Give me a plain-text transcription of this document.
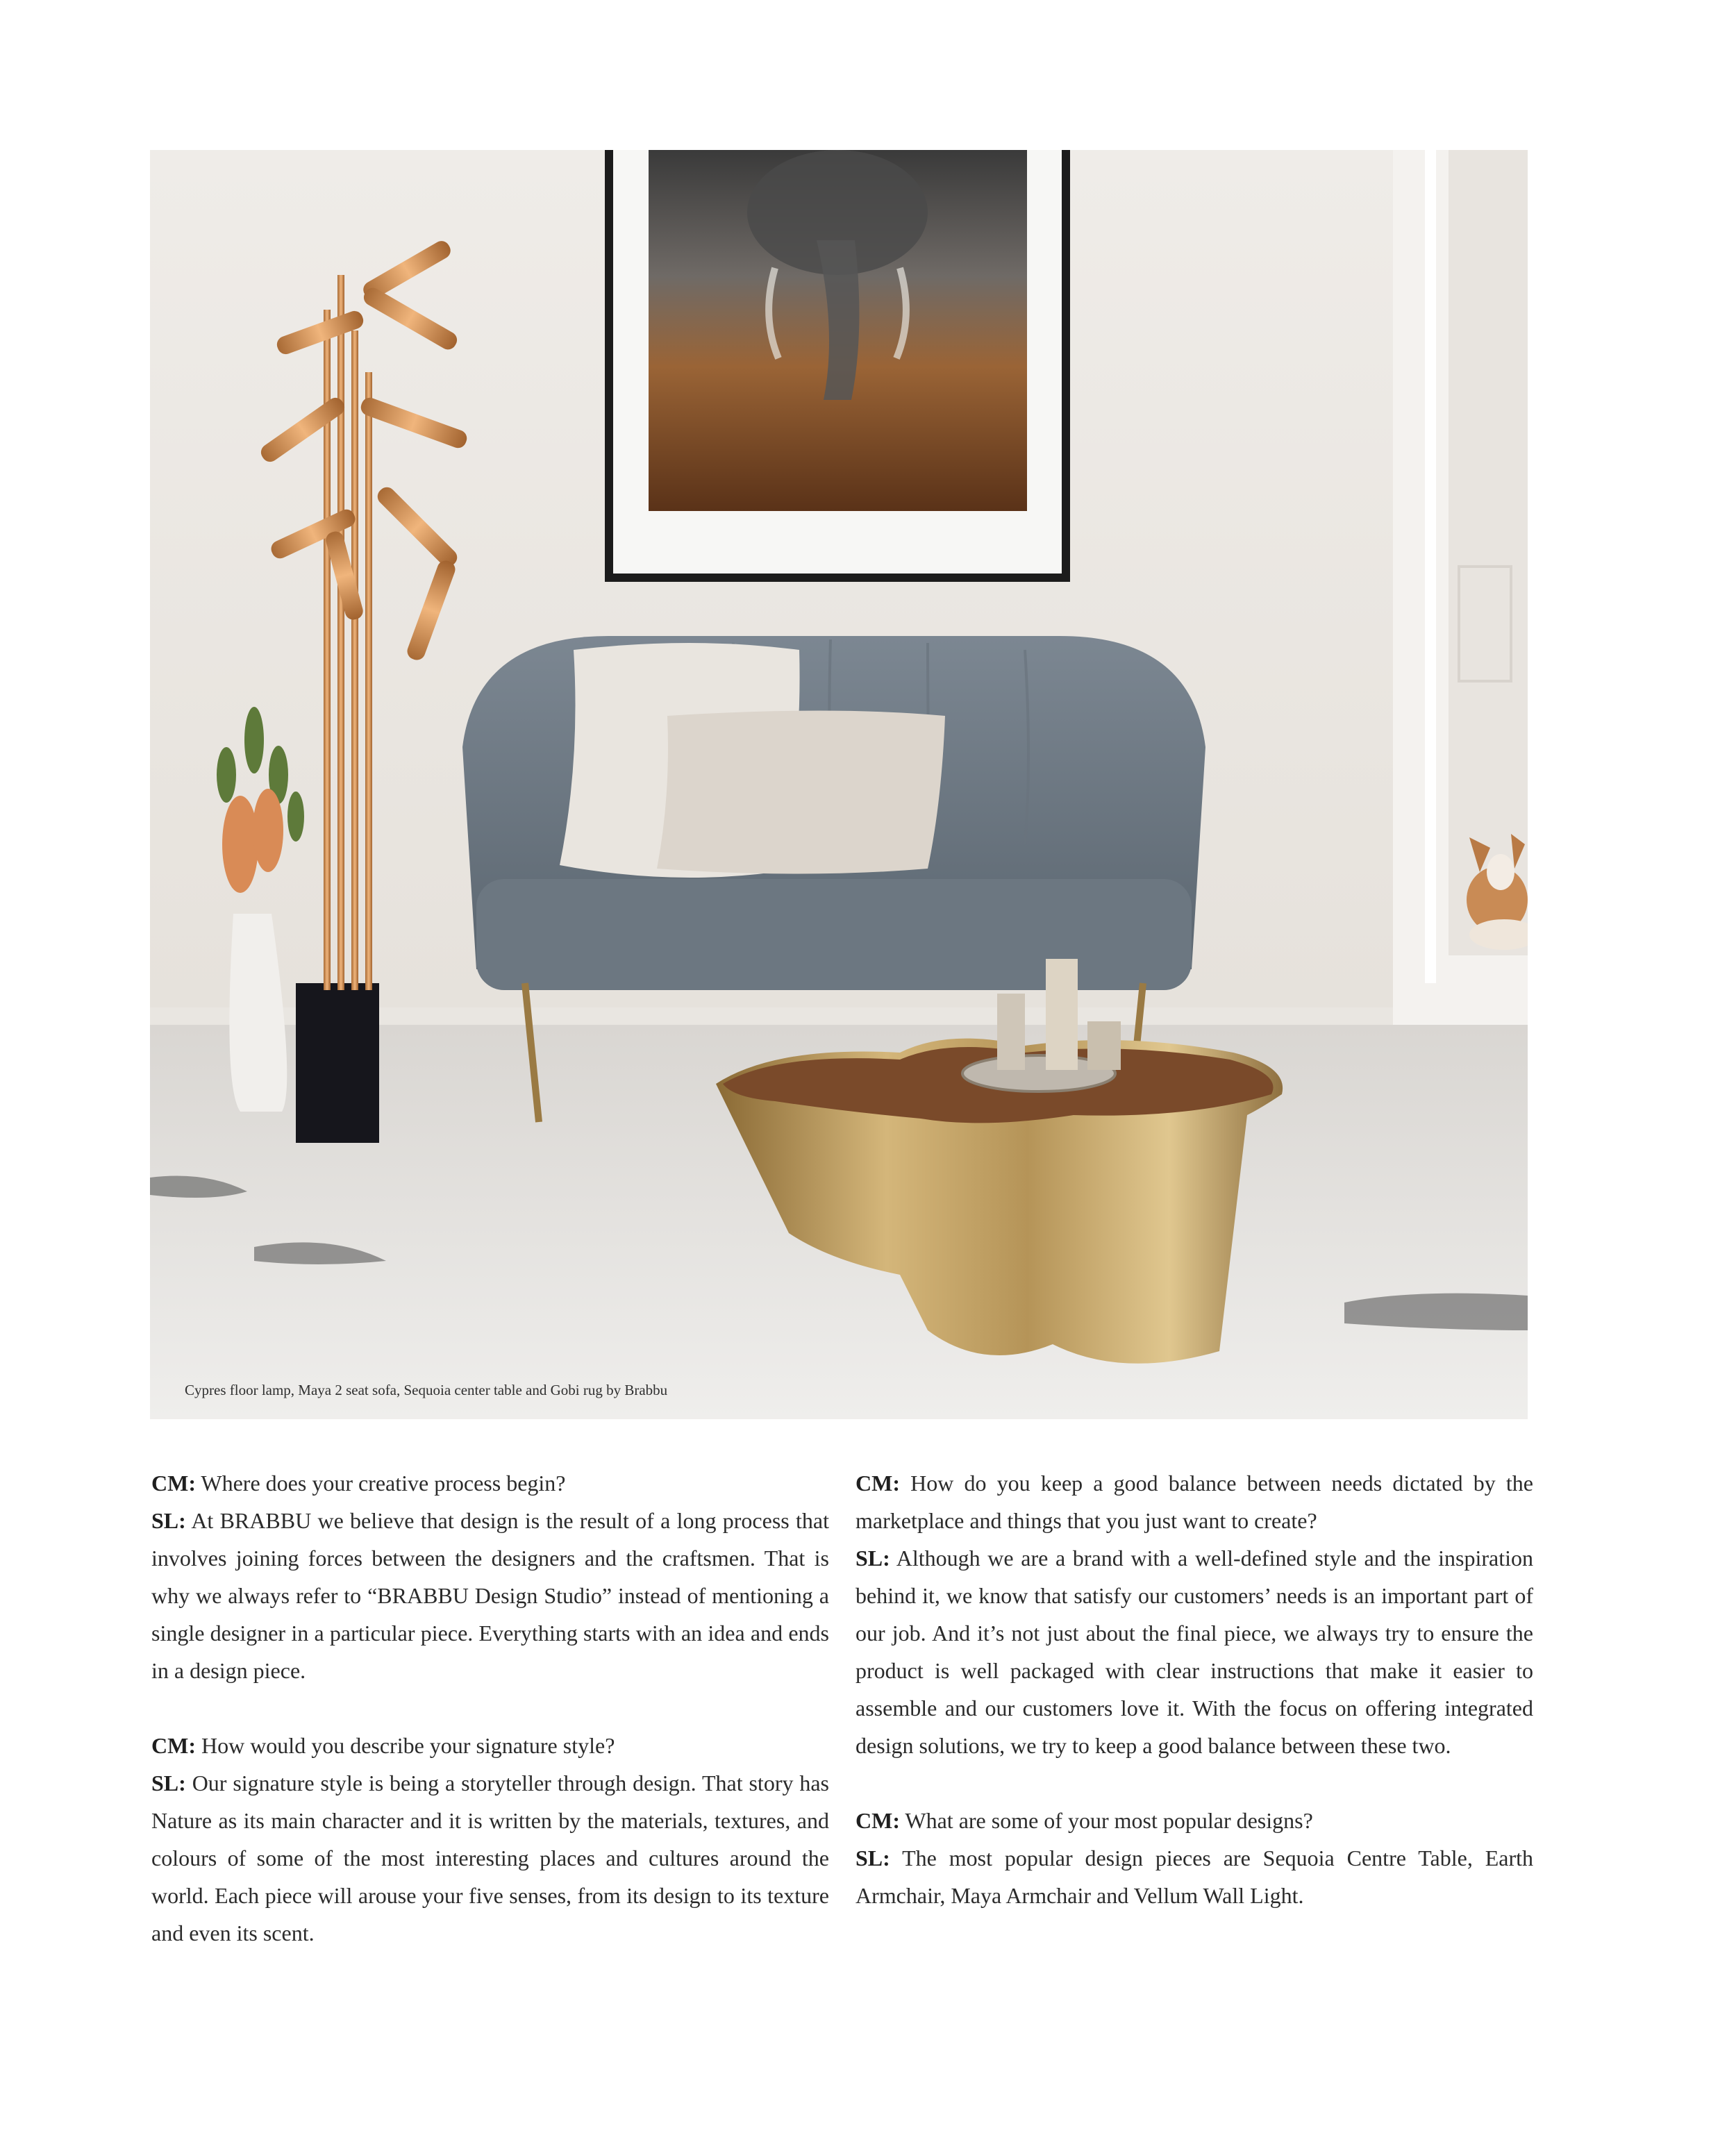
Cypres floor lamp, Maya 2 seat sofa, Sequoia center table and Gobi rug by Brabbu

CM: Where does your creative process begin?

SL: At BRABBU we believe that design is the result of a long process that involves joining forces between the designers and the craftsmen. That is why we always refer to “BRABBU Design Studio” instead of mentioning a single designer in a particular piece. Everything starts with an idea and ends in a design piece.

CM: How would you describe your signature style?

SL: Our signature style is being a storyteller through design. That story has Nature as its main character and it is written by the materials, textures, and colours of some of the most interesting places and cultures around the world. Each piece will arouse your five senses, from its design to its texture and even its scent.

CM: How do you keep a good balance between needs dictated by the marketplace and things that you just want to create?

SL: Although we are a brand with a well-defined style and the inspiration behind it, we know that satisfy our customers’ needs is an important part of our job. And it’s not just about the final piece, we always try to ensure the product is well packaged with clear instructions that make it easier to assemble and our customers love it. With the focus on offering integrated design solutions, we try to keep a good balance between these two.

CM: What are some of your most popular designs?

SL: The most popular design pieces are Sequoia Centre Table, Earth Armchair, Maya Armchair and Vellum Wall Light.
